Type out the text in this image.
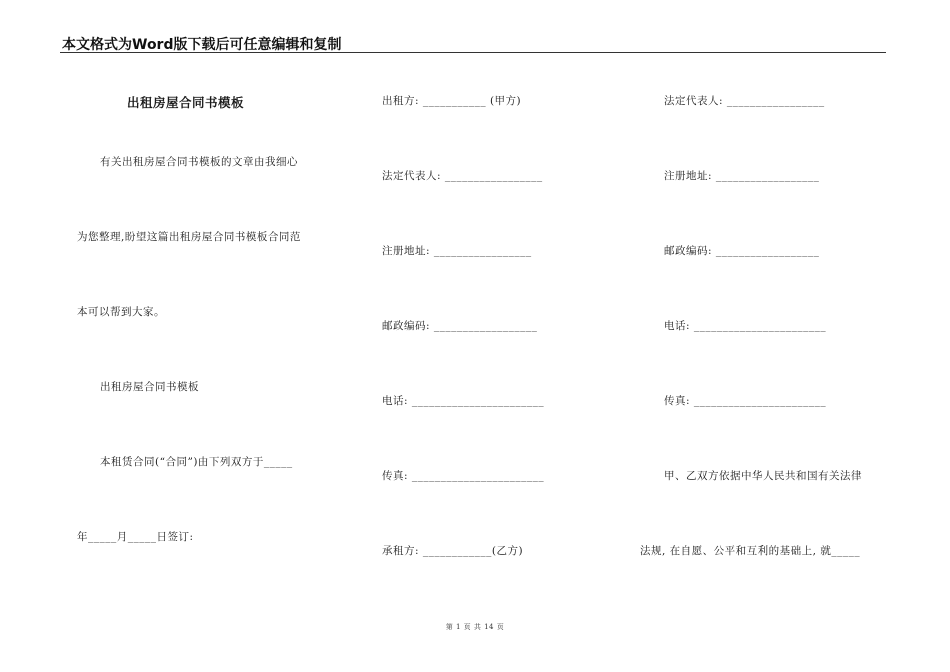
本文格式为Word版下载后可任意编辑和复制
出租房屋合同书模板
有关出租房屋合同书模板的文章由我细心
为您整理,盼望这篇出租房屋合同书模板合同范
本可以帮到大家。
出租房屋合同书模板
本租赁合同(“合同”)由下列双方于_____
年_____月_____日签订:
出租方: ___________ (甲方)
法定代表人: _________________
注册地址: _________________
邮政编码: __________________
电话: _______________________
传真: _______________________
承租方: ____________(乙方)
法定代表人: _________________
注册地址: __________________
邮政编码: __________________
电话: _______________________
传真: _______________________
甲、乙双方依据中华人民共和国有关法律
法规, 在自愿、公平和互利的基础上, 就_____
第 1 页 共 14 页
